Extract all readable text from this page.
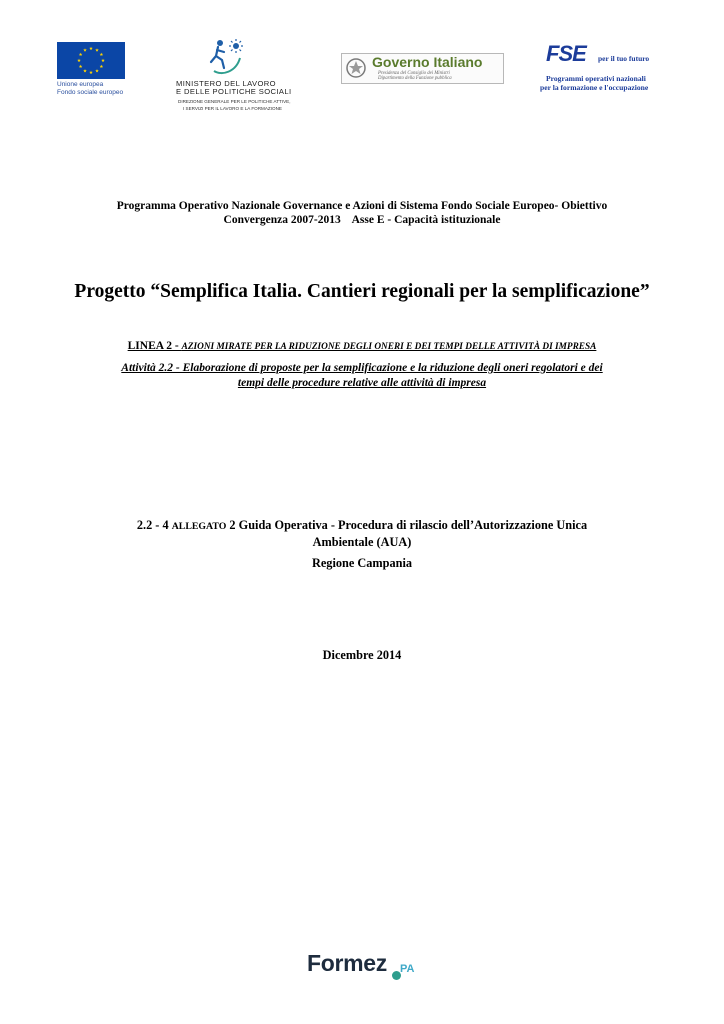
Unione europea
Fondo sociale europeo
MINISTERO DEL LAVORO
E DELLE POLITICHE SOCIALI
DIREZIONE GENERALE PER LE POLITICHE ATTIVE,
I SERVIZI PER IL LAVORO E LA FORMAZIONE
Governo Italiano
Presidenza del Consiglio dei Ministri
Dipartimento della Funzione pubblica
FSE per il tuo futuro
Programmi operativi nazionali
per la formazione e l'occupazione
Programma Operativo Nazionale Governance e Azioni di Sistema Fondo Sociale Europeo- Obiettivo
Convergenza 2007-2013    Asse E - Capacità istituzionale
Progetto “Semplifica Italia. Cantieri regionali per la semplificazione”
LINEA 2 - AZIONI MIRATE PER LA RIDUZIONE DEGLI ONERI E DEI TEMPI DELLE ATTIVITÀ DI IMPRESA
Attività 2.2 - Elaborazione di proposte per la semplificazione e la riduzione degli oneri regolatori e dei
tempi delle procedure relative alle attività di impresa
2.2 - 4 ALLEGATO 2 Guida Operativa - Procedura di rilascio dell’Autorizzazione Unica
Ambientale (AUA)
Regione Campania
Dicembre 2014
Formez PA
